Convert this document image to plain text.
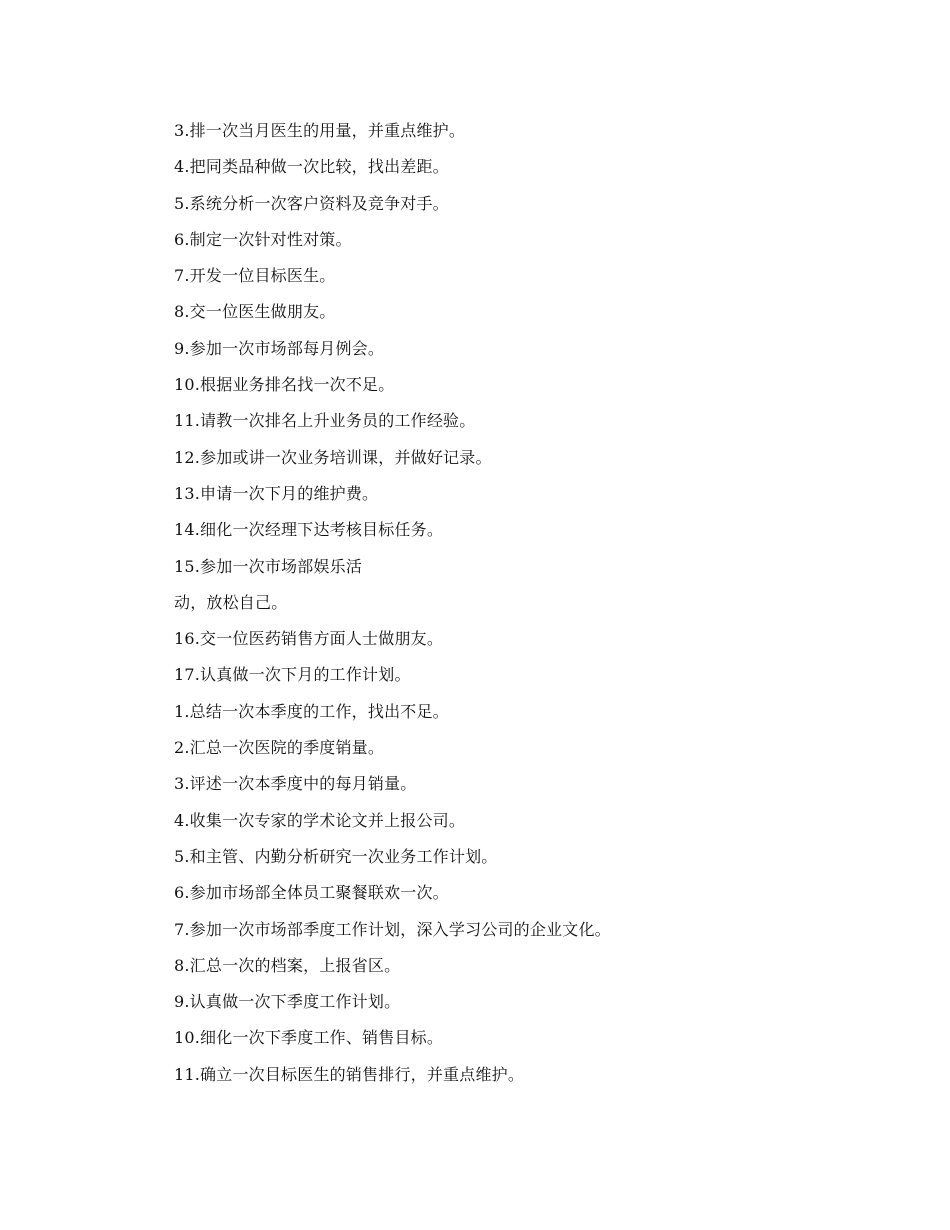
3.排一次当月医生的用量，并重点维护。
4.把同类品种做一次比较，找出差距。
5.系统分析一次客户资料及竞争对手。
6.制定一次针对性对策。
7.开发一位目标医生。
8.交一位医生做朋友。
9.参加一次市场部每月例会。
10.根据业务排名找一次不足。
11.请教一次排名上升业务员的工作经验。
12.参加或讲一次业务培训课，并做好记录。
13.申请一次下月的维护费。
14.细化一次经理下达考核目标任务。
15.参加一次市场部娱乐活
动，放松自己。
16.交一位医药销售方面人士做朋友。
17.认真做一次下月的工作计划。
1.总结一次本季度的工作，找出不足。
2.汇总一次医院的季度销量。
3.评述一次本季度中的每月销量。
4.收集一次专家的学术论文并上报公司。
5.和主管、内勤分析研究一次业务工作计划。
6.参加市场部全体员工聚餐联欢一次。
7.参加一次市场部季度工作计划，深入学习公司的企业文化。
8.汇总一次的档案，上报省区。
9.认真做一次下季度工作计划。
10.细化一次下季度工作、销售目标。
11.确立一次目标医生的销售排行，并重点维护。
